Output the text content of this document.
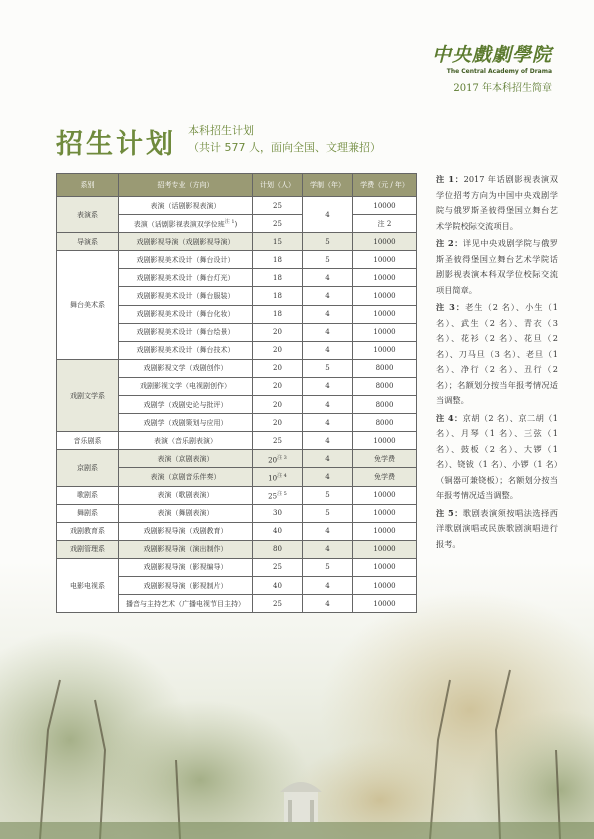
中央戲劇學院
The Central Academy of Drama
2017 年本科招生简章
招生计划 本科招生计划
（共计 577 人，面向全国、文理兼招）
系别	招考专业（方向）	计划（人）	学制（年）	学费（元 / 年）
表演系	表演（话剧影视表演）	25	4	10000
	表演（话剧影视表演双学位班$^{注 1}$)	25		注 2
导演系	戏剧影视导演（戏剧影视导演）	15	5	10000
舞台美术系	戏剧影视美术设计（舞台设计）	18	5	10000
	戏剧影视美术设计（舞台灯光）	18	4	10000
	戏剧影视美术设计（舞台服装）	18	4	10000
	戏剧影视美术设计（舞台化妆）	18	4	10000
	戏剧影视美术设计（舞台绘景）	20	4	10000
	戏剧影视美术设计（舞台技术）	20	4	10000
戏剧文学系	戏剧影视文学（戏剧创作）	20	5	8000
	戏剧影视文学（电视剧创作）	20	4	8000
	戏剧学（戏剧史论与批评）	20	4	8000
	戏剧学（戏剧策划与应用）	20	4	8000
音乐剧系	表演（音乐剧表演）	25	4	10000
京剧系	表演（京剧表演）	$20^{注 3}$	4	免学费
	表演（京剧音乐伴奏）	$10^{注 4}$	4	免学费
歌剧系	表演（歌剧表演）	$25^{注 5}$	5	10000
舞剧系	表演（舞剧表演）	30	5	10000
戏剧教育系	戏剧影视导演（戏剧教育）	40	4	10000
戏剧管理系	戏剧影视导演（演出制作）	80	4	10000
电影电视系	戏剧影视导演（影视编导）	25	5	10000
	戏剧影视导演（影视制片）	40	4	10000
	播音与主持艺术（广播电视节目主持）	25	4	10000

注 1：2017 年话剧影视表演双学位招考方向为中国中央戏剧学院与俄罗斯圣彼得堡国立舞台艺术学院校际交流项目。

注 2：详见中央戏剧学院与俄罗斯圣彼得堡国立舞台艺术学院话剧影视表演本科双学位校际交流项目简章。

注 3：老生（2 名）、小生（1 名）、武生（2 名）、青衣（3 名）、花衫（2 名）、花旦（2 名）、刀马旦（3 名）、老旦（1 名）、净行（2 名）、丑行（2 名）；名额划分按当年报考情况适当调整。

注 4：京胡（2 名）、京二胡（1 名）、月琴（1 名）、三弦（1 名）、鼓板（2 名）、大锣（1 名）、铙钹（1 名）、小锣（1 名）（铜器可兼铙板）；名额划分按当年报考情况适当调整。

注 5：歌剧表演须按唱法选择西洋歌剧演唱或民族歌剧演唱进行报考。
